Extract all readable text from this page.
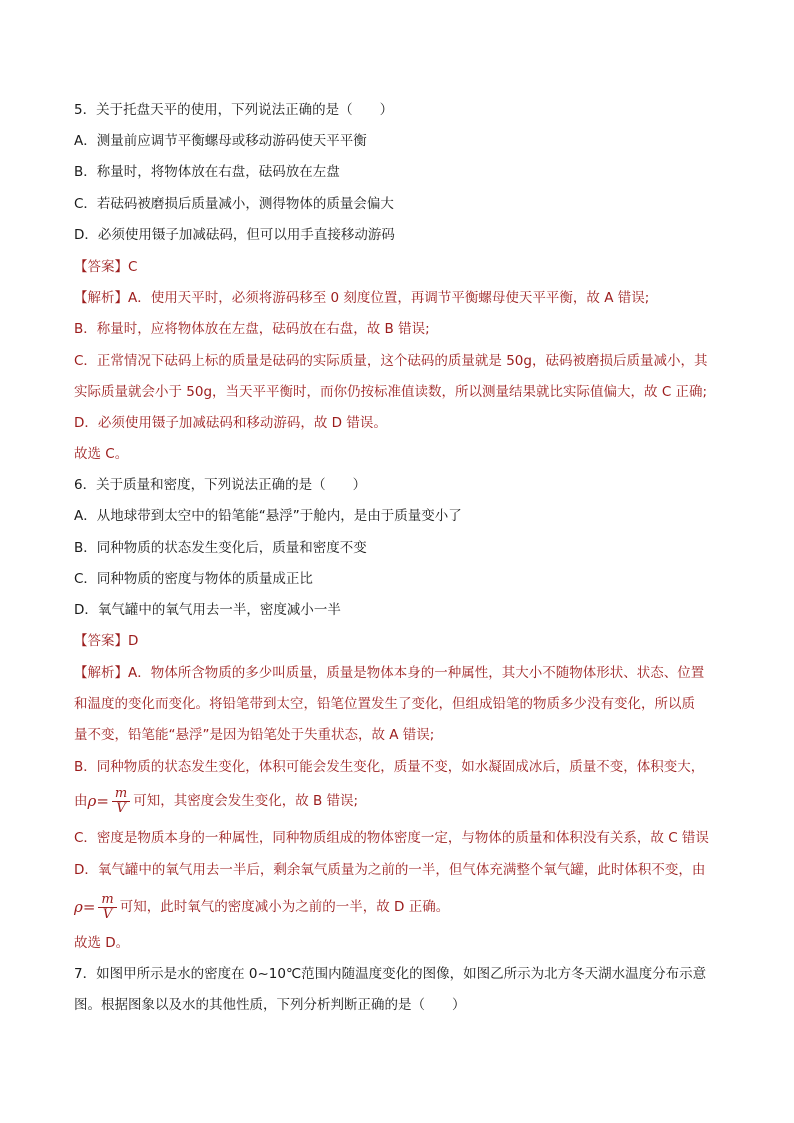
5．关于托盘天平的使用，下列说法正确的是（　　）
A．测量前应调节平衡螺母或移动游码使天平平衡
B．称量时，将物体放在右盘，砝码放在左盘
C．若砝码被磨损后质量减小，测得物体的质量会偏大
D．必须使用镊子加减砝码，但可以用手直接移动游码
【答案】C
【解析】A．使用天平时，必须将游码移至 0 刻度位置，再调节平衡螺母使天平平衡，故 A 错误;
B．称量时，应将物体放在左盘，砝码放在右盘，故 B 错误;
C．正常情况下砝码上标的质量是砝码的实际质量，这个砝码的质量就是 50g，砝码被磨损后质量减小，其
实际质量就会小于 50g，当天平平衡时，而你仍按标准值读数，所以测量结果就比实际值偏大，故 C 正确;
D．必须使用镊子加减砝码和移动游码，故 D 错误。
故选 C。
6．关于质量和密度，下列说法正确的是（　　）
A．从地球带到太空中的铅笔能“悬浮”于舱内，是由于质量变小了
B．同种物质的状态发生变化后，质量和密度不变
C．同种物质的密度与物体的质量成正比
D．氧气罐中的氧气用去一半，密度减小一半
【答案】D
【解析】A．物体所含物质的多少叫质量，质量是物体本身的一种属性，其大小不随物体形状、状态、位置
和温度的变化而变化。将铅笔带到太空，铅笔位置发生了变化，但组成铅笔的物质多少没有变化，所以质
量不变，铅笔能“悬浮”是因为铅笔处于失重状态，故 A 错误;
B．同种物质的状态发生变化，体积可能会发生变化，质量不变，如水凝固成冰后，质量不变，体积变大，
由 $\rho= \frac{m}{V}$ 可知，其密度会发生变化，故 B 错误;
C．密度是物质本身的一种属性，同种物质组成的物体密度一定，与物体的质量和体积没有关系，故 C 错误
D．氧气罐中的氧气用去一半后，剩余氧气质量为之前的一半，但气体充满整个氧气罐，此时体积不变，由
$\rho= \frac{m}{V}$ 可知，此时氧气的密度减小为之前的一半，故 D 正确。
故选 D。
7．如图甲所示是水的密度在 0~10℃范围内随温度变化的图像，如图乙所示为北方冬天湖水温度分布示意
图。根据图象以及水的其他性质，下列分析判断正确的是（　　）
